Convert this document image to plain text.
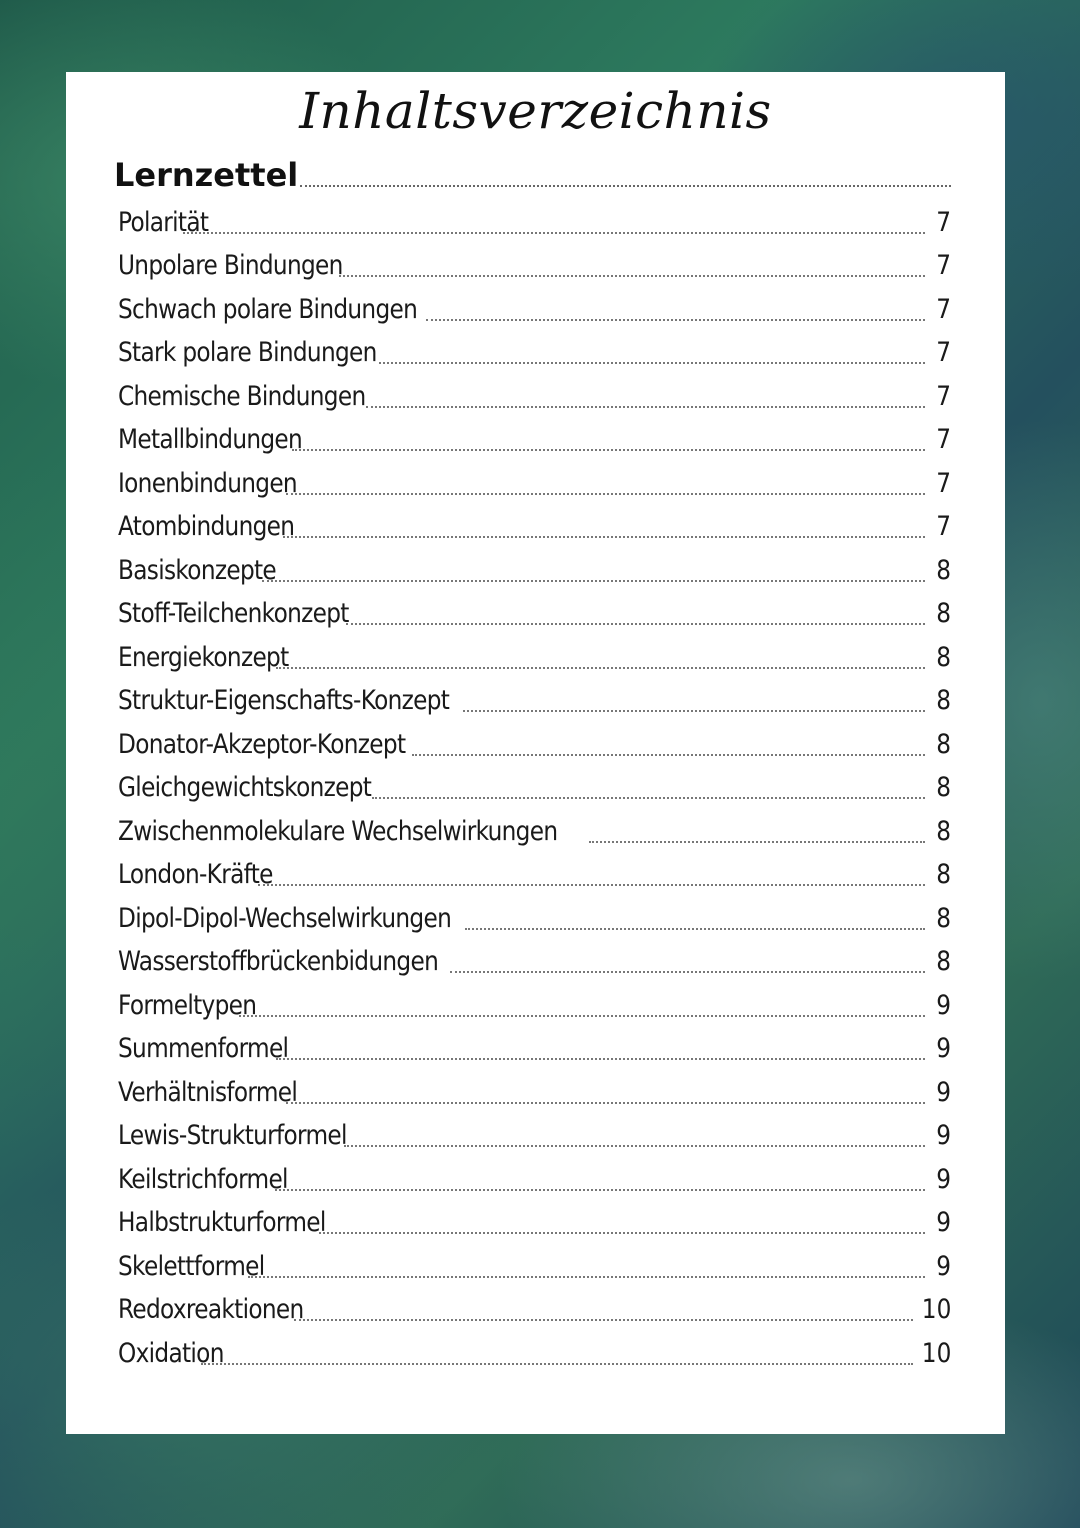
Inhaltsverzeichnis
Lernzettel
Polarität	7
Unpolare Bindungen	7
Schwach polare Bindungen	7
Stark polare Bindungen	7
Chemische Bindungen	7
Metallbindungen	7
Ionenbindungen	7
Atombindungen	7
Basiskonzepte	8
Stoff-Teilchenkonzept	8
Energiekonzept	8
Struktur-Eigenschafts-Konzept	8
Donator-Akzeptor-Konzept	8
Gleichgewichtskonzept	8
Zwischenmolekulare Wechselwirkungen	8
London-Kräfte	8
Dipol-Dipol-Wechselwirkungen	8
Wasserstoffbrückenbidungen	8
Formeltypen	9
Summenformel	9
Verhältnisformel	9
Lewis-Strukturformel	9
Keilstrichformel	9
Halbstrukturformel	9
Skelettformel	9
Redoxreaktionen	10
Oxidation	10
